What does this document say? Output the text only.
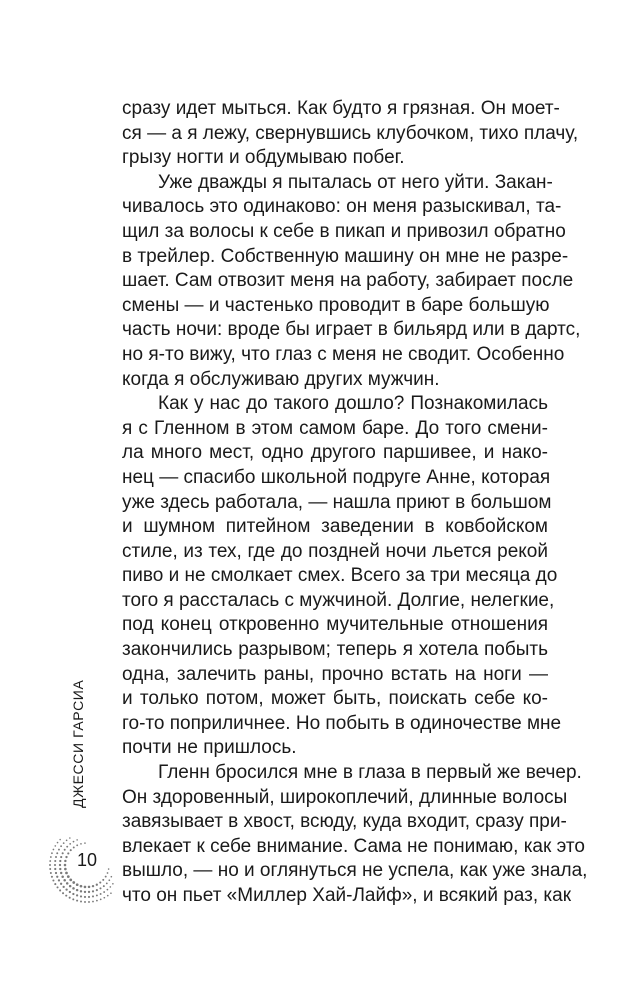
сразу идет мыться. Как будто я грязная. Он моет-
ся — а я лежу, свернувшись клубочком, тихо плачу,
грызу ногти и обдумываю побег.

Уже дважды я пыталась от него уйти. Закан-
чивалось это одинаково: он меня разыскивал, та-
щил за волосы к себе в пикап и привозил обратно
в трейлер. Собственную машину он мне не разре-
шает. Сам отвозит меня на работу, забирает после
смены — и частенько проводит в баре большую
часть ночи: вроде бы играет в бильярд или в дартс,
но я-то вижу, что глаз с меня не сводит. Особенно
когда я обслуживаю других мужчин.

Как у нас до такого дошло? Познакомилась
я с Гленном в этом самом баре. До того смени-
ла много мест, одно другого паршивее, и нако-
нец — спасибо школьной подруге Анне, которая
уже здесь работала, — нашла приют в большом
и шумном питейном заведении в ковбойском
стиле, из тех, где до поздней ночи льется рекой
пиво и не смолкает смех. Всего за три месяца до
того я рассталась с мужчиной. Долгие, нелегкие,
под конец откровенно мучительные отношения
закончились разрывом; теперь я хотела побыть
одна, залечить раны, прочно встать на ноги —
и только потом, может быть, поискать себе ко-
го-то поприличнее. Но побыть в одиночестве мне
почти не пришлось.

Гленн бросился мне в глаза в первый же вечер.
Он здоровенный, широкоплечий, длинные волосы
завязывает в хвост, всюду, куда входит, сразу при-
влекает к себе внимание. Сама не понимаю, как это
вышло, — но и оглянуться не успела, как уже знала,
что он пьет «Миллер Хай-Лайф», и всякий раз, как

ДЖЕССИ ГАРСИА
10
